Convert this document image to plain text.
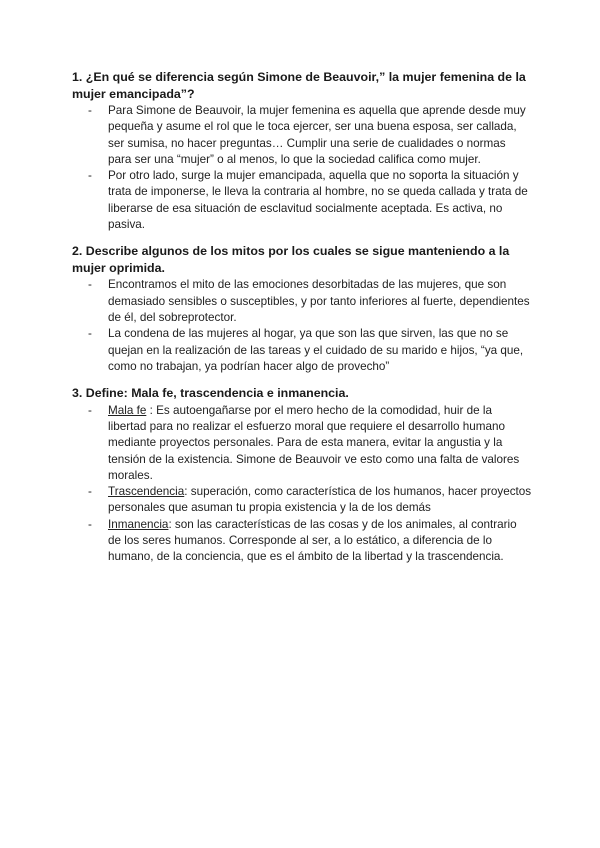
1. ¿En qué se diferencia según Simone de Beauvoir,” la mujer femenina de la mujer emancipada”?

- Para Simone de Beauvoir, la mujer femenina es aquella que aprende desde muy pequeña y asume el rol que le toca ejercer, ser una buena esposa, ser callada, ser sumisa, no hacer preguntas… Cumplir una serie de cualidades o normas para ser una “mujer” o al menos, lo que la sociedad califica como mujer.
- Por otro lado, surge la mujer emancipada, aquella que no soporta la situación y trata de imponerse, le lleva la contraria al hombre, no se queda callada y trata de liberarse de esa situación de esclavitud socialmente aceptada. Es activa, no pasiva.

2. Describe algunos de los mitos por los cuales se sigue manteniendo a la mujer oprimida.

- Encontramos el mito de las emociones desorbitadas de las mujeres, que son demasiado sensibles o susceptibles, y por tanto inferiores al fuerte, dependientes de él, del sobreprotector.
- La condena de las mujeres al hogar, ya que son las que sirven, las que no se quejan en la realización de las tareas y el cuidado de su marido e hijos, “ya que, como no trabajan, ya podrían hacer algo de provecho”

3. Define: Mala fe, trascendencia e inmanencia.

- Mala fe : Es autoengañarse por el mero hecho de la comodidad, huir de la libertad para no realizar el esfuerzo moral que requiere el desarrollo humano mediante proyectos personales. Para de esta manera, evitar la angustia y la tensión de la existencia. Simone de Beauvoir ve esto como una falta de valores morales.
- Trascendencia: superación, como característica de los humanos, hacer proyectos personales que asuman tu propia existencia y la de los demás
- Inmanencia: son las características de las cosas y de los animales, al contrario de los seres humanos. Corresponde al ser, a lo estático, a diferencia de lo humano, de la conciencia, que es el ámbito de la libertad y la trascendencia.
